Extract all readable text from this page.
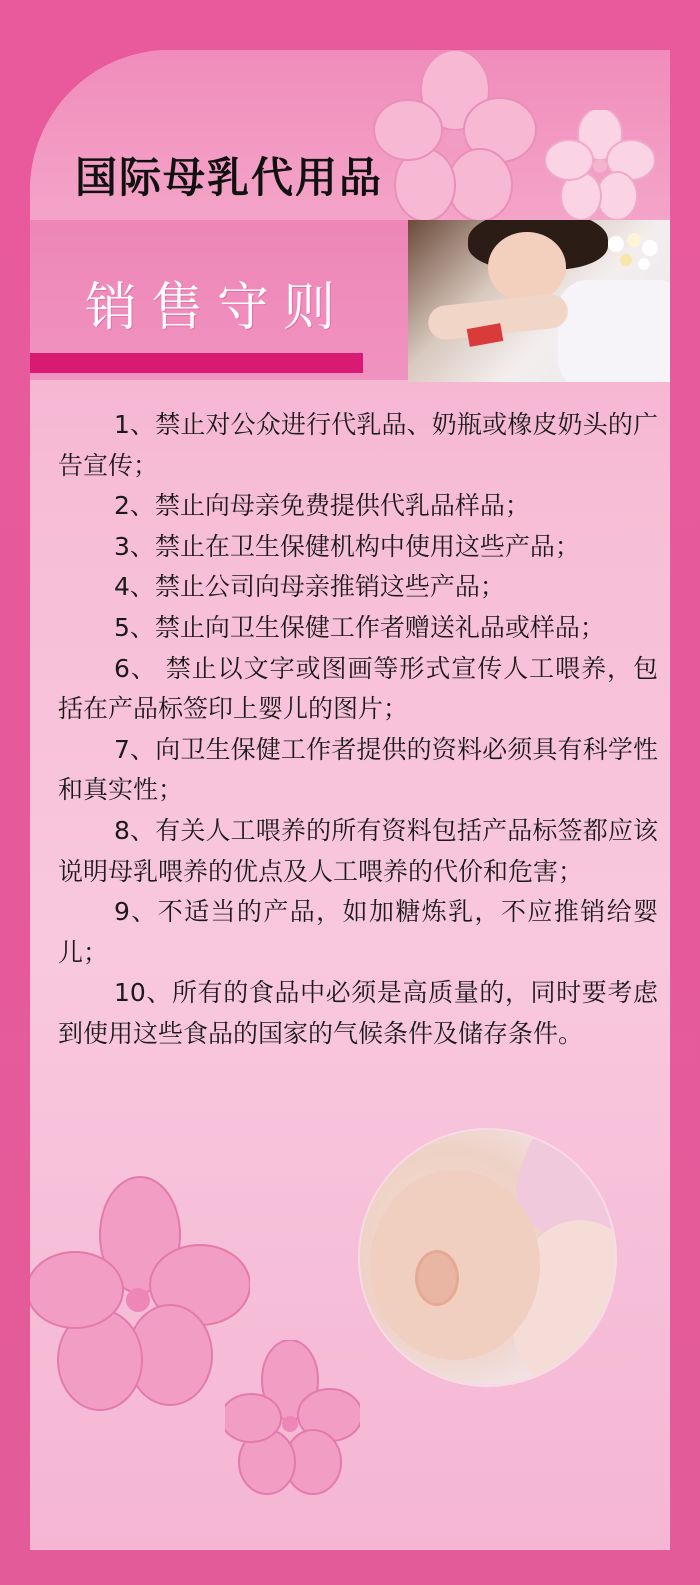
国际母乳代用品
销售守则
1、禁止对公众进行代乳品、奶瓶或橡皮奶头的广告宣传；
2、禁止向母亲免费提供代乳品样品；
3、禁止在卫生保健机构中使用这些产品；
4、禁止公司向母亲推销这些产品；
5、禁止向卫生保健工作者赠送礼品或样品；
6、 禁止以文字或图画等形式宣传人工喂养，包括在产品标签印上婴儿的图片；
7、向卫生保健工作者提供的资料必须具有科学性和真实性；
8、有关人工喂养的所有资料包括产品标签都应该说明母乳喂养的优点及人工喂养的代价和危害；
9、不适当的产品，如加糖炼乳，不应推销给婴儿；
10、所有的食品中必须是高质量的，同时要考虑到使用这些食品的国家的气候条件及储存条件。
